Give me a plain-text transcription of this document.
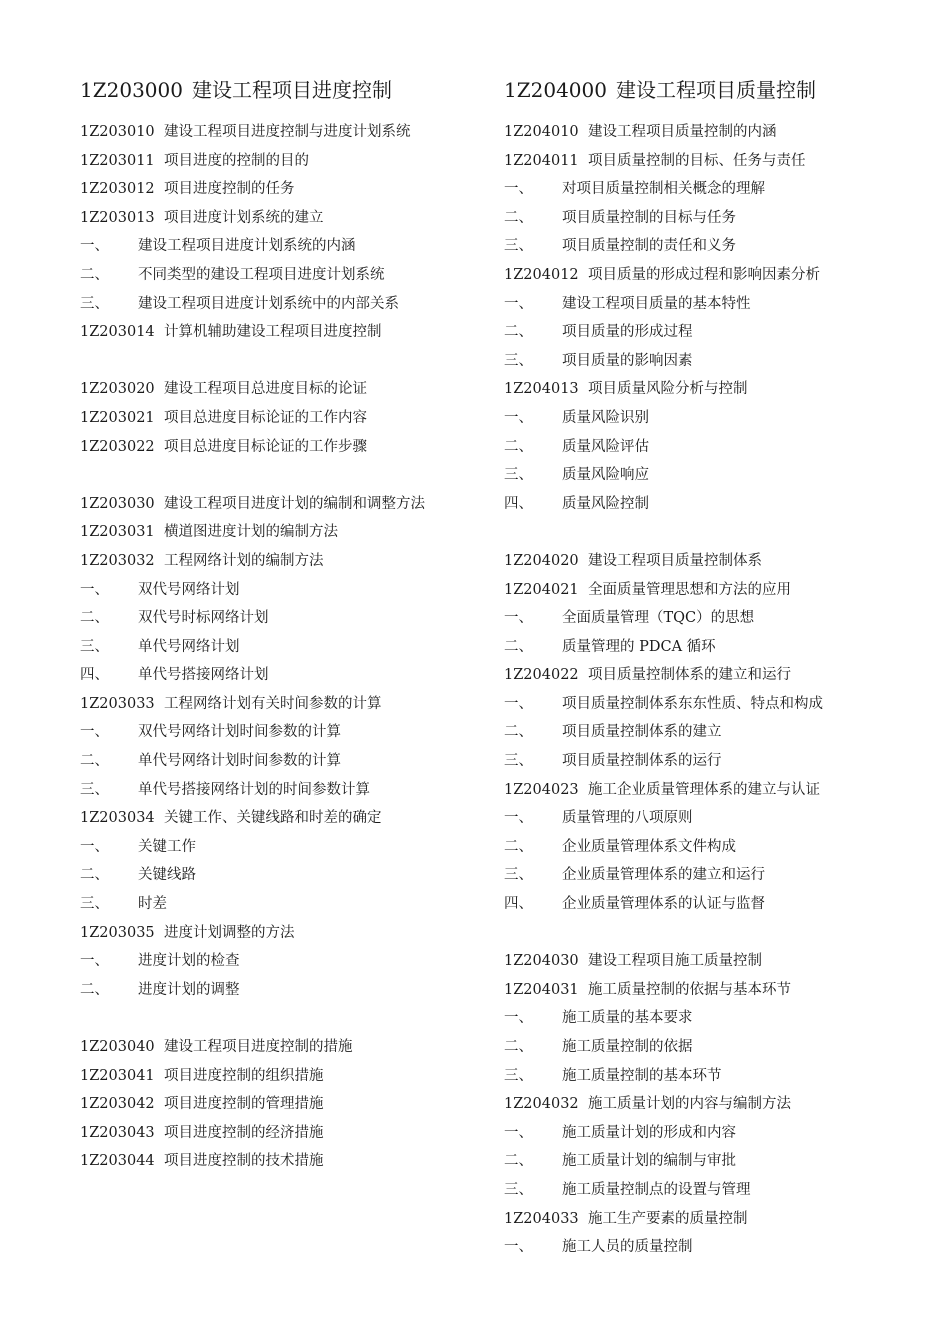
1Z203000 建设工程项目进度控制
1Z203010 建设工程项目进度控制与进度计划系统
1Z203011 项目进度的控制的目的
1Z203012 项目进度控制的任务
1Z203013 项目进度计划系统的建立
一、 建设工程项目进度计划系统的内涵
二、 不同类型的建设工程项目进度计划系统
三、 建设工程项目进度计划系统中的内部关系
1Z203014 计算机辅助建设工程项目进度控制
1Z203020 建设工程项目总进度目标的论证
1Z203021 项目总进度目标论证的工作内容
1Z203022 项目总进度目标论证的工作步骤
1Z203030 建设工程项目进度计划的编制和调整方法
1Z203031 横道图进度计划的编制方法
1Z203032 工程网络计划的编制方法
一、 双代号网络计划
二、 双代号时标网络计划
三、 单代号网络计划
四、 单代号搭接网络计划
1Z203033 工程网络计划有关时间参数的计算
一、 双代号网络计划时间参数的计算
二、 单代号网络计划时间参数的计算
三、 单代号搭接网络计划的时间参数计算
1Z203034 关键工作、关键线路和时差的确定
一、 关键工作
二、 关键线路
三、 时差
1Z203035 进度计划调整的方法
一、 进度计划的检查
二、 进度计划的调整
1Z203040 建设工程项目进度控制的措施
1Z203041 项目进度控制的组织措施
1Z203042 项目进度控制的管理措施
1Z203043 项目进度控制的经济措施
1Z203044 项目进度控制的技术措施
1Z204000 建设工程项目质量控制
1Z204010 建设工程项目质量控制的内涵
1Z204011 项目质量控制的目标、任务与责任
一、 对项目质量控制相关概念的理解
二、 项目质量控制的目标与任务
三、 项目质量控制的责任和义务
1Z204012 项目质量的形成过程和影响因素分析
一、 建设工程项目质量的基本特性
二、 项目质量的形成过程
三、 项目质量的影响因素
1Z204013 项目质量风险分析与控制
一、 质量风险识别
二、 质量风险评估
三、 质量风险响应
四、 质量风险控制
1Z204020 建设工程项目质量控制体系
1Z204021 全面质量管理思想和方法的应用
一、 全面质量管理（TQC）的思想
二、 质量管理的 PDCA 循环
1Z204022 项目质量控制体系的建立和运行
一、 项目质量控制体系东东性质、特点和构成
二、 项目质量控制体系的建立
三、 项目质量控制体系的运行
1Z204023 施工企业质量管理体系的建立与认证
一、 质量管理的八项原则
二、 企业质量管理体系文件构成
三、 企业质量管理体系的建立和运行
四、 企业质量管理体系的认证与监督
1Z204030 建设工程项目施工质量控制
1Z204031 施工质量控制的依据与基本环节
一、 施工质量的基本要求
二、 施工质量控制的依据
三、 施工质量控制的基本环节
1Z204032 施工质量计划的内容与编制方法
一、 施工质量计划的形成和内容
二、 施工质量计划的编制与审批
三、 施工质量控制点的设置与管理
1Z204033 施工生产要素的质量控制
一、 施工人员的质量控制
